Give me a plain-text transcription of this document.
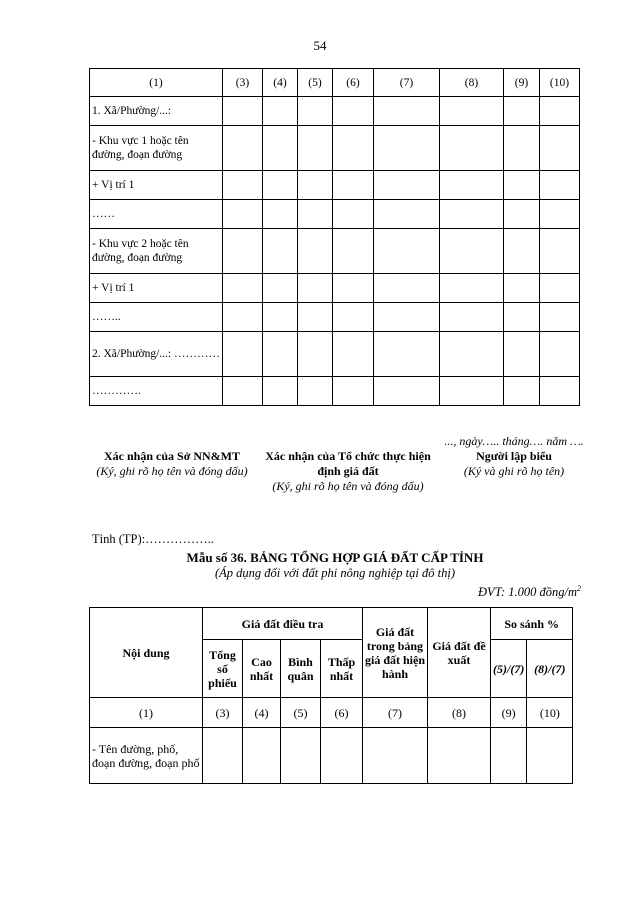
54
(1)	(3)	(4)	(5)	(6)	(7)	(8)	(9)	(10)
1. Xã/Phường/...:								
- Khu vực 1 hoặc tên đường, đoạn đường								
+ Vị trí 1								
……								
- Khu vực 2 hoặc tên đường, đoạn đường								
+ Vị trí 1								
……..								
2. Xã/Phường/...: …………								
………….								
Xác nhận của Sở NN&MT
(Ký, ghi rõ họ tên và đóng dấu)
Xác nhận của Tổ chức thực hiện định giá đất
(Ký, ghi rõ họ tên và đóng dấu)
..., ngày….. tháng…. năm ….
Người lập biểu
(Ký và ghi rõ họ tên)
Tỉnh (TP):……………..
Mẫu số 36. BẢNG TỔNG HỢP GIÁ ĐẤT CẤP TỈNH
(Áp dụng đối với đất phi nông nghiệp tại đô thị)
ĐVT: 1.000 đồng/$m^2$
Nội dung	Giá đất điều tra				Giá đất trong bảng giá đất hiện hành	Giá đất đề xuất	So sánh %	
	Tổng số phiếu	Cao nhất	Bình quân	Thấp nhất			(5)/(7)	(8)/(7)
(1)	(3)	(4)	(5)	(6)	(7)	(8)	(9)	(10)
- Tên đường, phố, đoạn đường, đoạn phố								
